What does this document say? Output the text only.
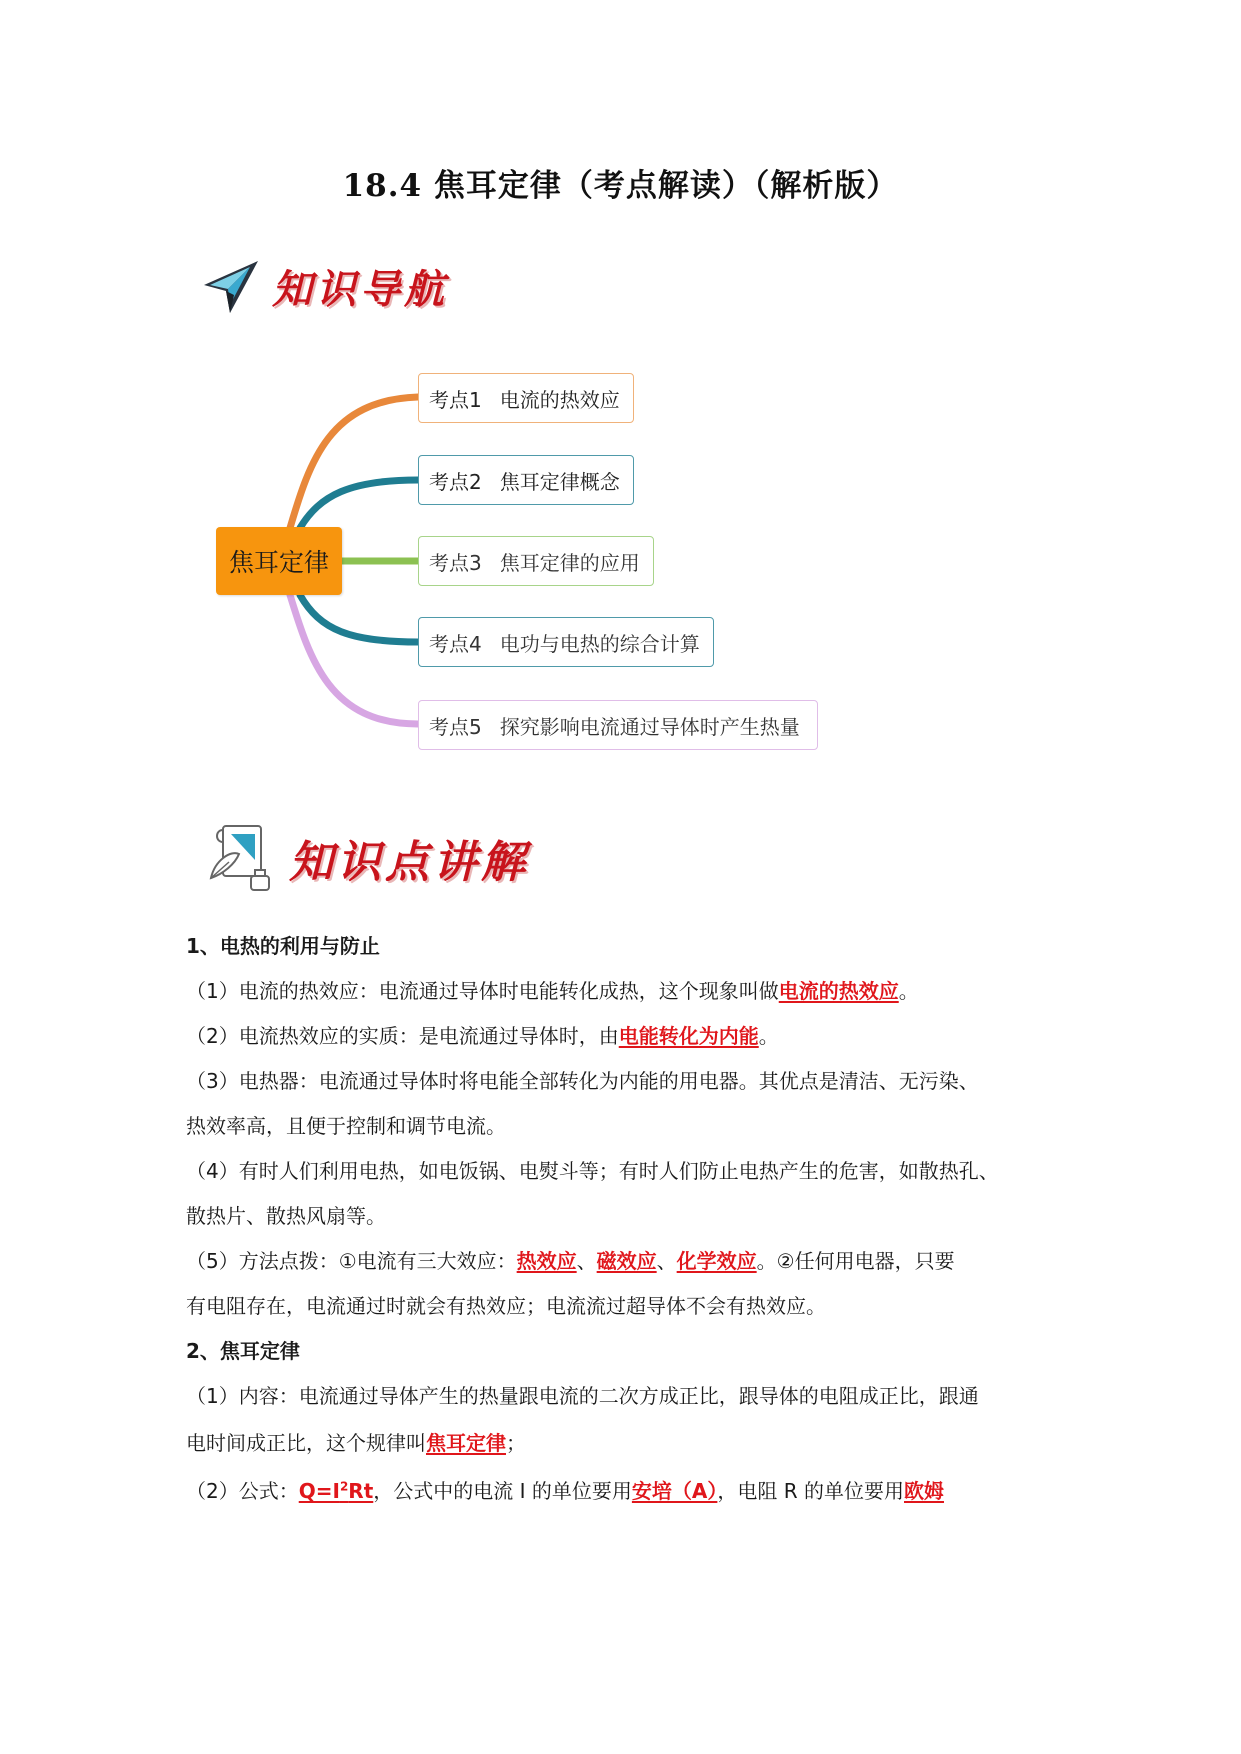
18.4 焦耳定律（考点解读）（解析版）
知识导航
焦耳定律
考点1 电流的热效应
考点2 焦耳定律概念
考点3 焦耳定律的应用
考点4 电功与电热的综合计算
考点5 探究影响电流通过导体时产生热量
知识点讲解
1、电热的利用与防止
（1）电流的热效应：电流通过导体时电能转化成热，这个现象叫做电流的热效应。
（2）电流热效应的实质：是电流通过导体时，由电能转化为内能。
（3）电热器：电流通过导体时将电能全部转化为内能的用电器。其优点是清洁、无污染、
热效率高，且便于控制和调节电流。
（4）有时人们利用电热，如电饭锅、电熨斗等；有时人们防止电热产生的危害，如散热孔、
散热片、散热风扇等。
（5）方法点拨：①电流有三大效应：热效应、磁效应、化学效应。②任何用电器，只要
有电阻存在，电流通过时就会有热效应；电流流过超导体不会有热效应。
2、焦耳定律
（1）内容：电流通过导体产生的热量跟电流的二次方成正比，跟导体的电阻成正比，跟通
电时间成正比，这个规律叫焦耳定律；
（2）公式：$Q=I^2Rt$，公式中的电流 I 的单位要用安培（A），电阻 R 的单位要用欧姆
